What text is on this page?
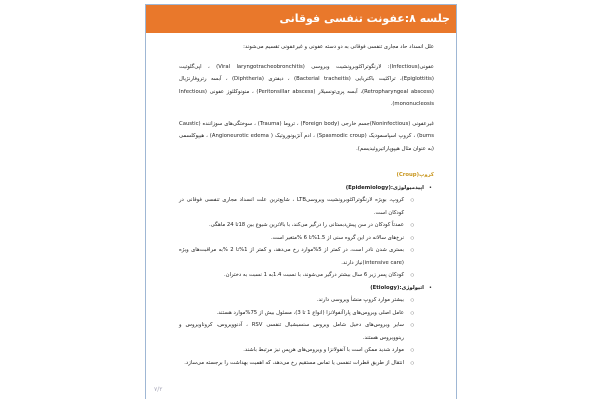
جلسه ۸:عفونت تنفسی فوقانی

علل انسداد حاد مجاری تنفسی فوقانی به دو دسته عفونی و غیرعفونی تقسیم می‌شوند:

عفونی(Infectious): لارنگوتراکئوبرونشیت ویروسی (Viral laryngotracheobronchitis) ، اپی‌گلوتیت (Epiglottitis)، تراکئیت باکتریایی (Bacterial tracheitis) ، دیفتری (Diphtheria) ، آبسه رتروفارنژیال (Retropharyngeal abscess)، آبسه پری‌تونسیلار (Peritonsillar abscess) ، منونوکلئوز عفونی (Infectious mononucleosis).

غیرعفونی (Noninfectious)جسم خارجی (Foreign body) ، تروما (Trauma) ، سوختگی‌های سوزاننده (Caustic burns) ، کروپ اسپاسمودیک (Spasmodic croup) ، ادم آنژیونوروتیک ( Angioneurotic edema) ، هیپوکلسمی (به عنوان مثال هیپوپاراتیروئیدیسم).

کروپ(Croup)
• اپیدمیولوژی:(Epidemiology)
○ کروپ، بویژه لارنگوتراکئوبرونشیت ویروسیLTB ، شایع‌ترین علت انسداد مجاری تنفسی فوقانی در کودکان است.
○ عمدتاً کودکان در سن پیش‌دبستانی را درگیر می‌کند، با بالاترین شیوع بین 18تا 24 ماهگی.
○ نرخ‌های سالانه در این گروه سنی از 1.5%تا 6 %متغیر است.
○ بستری شدن نادر است، در کمتر از 5%موارد رخ می‌دهد، و کمتر از 1%تا 2 %به مراقبت‌های ویژه (intensive care)نیاز دارند.
○ کودکان پسر زیر 6 سال بیشتر درگیر می‌شوند، با نسبت 1.4به 1 نسبت به دختران.
• اتیولوژی:(Etiology)
○ بیشتر موارد کروپ منشأ ویروسی دارند.
○ عامل اصلی ویروس‌های پاراآنفولانزا (انواع 1 تا 3)، مسئول بیش از 75%موارد هستند.
○ سایر ویروس‌های دخیل شامل ویروس سنسیشیال تنفسی RSV ، آدنوویروس، کروناویروس و رینوویروس هستند.
○ موارد شدید ممکن است با آنفولانزا و ویروس‌های هرپس نیز مرتبط باشند.
○ انتقال از طریق قطرات تنفسی یا تماس مستقیم رخ می‌دهد، که اهمیت بهداشت را برجسته می‌سازد.
۷/۲
